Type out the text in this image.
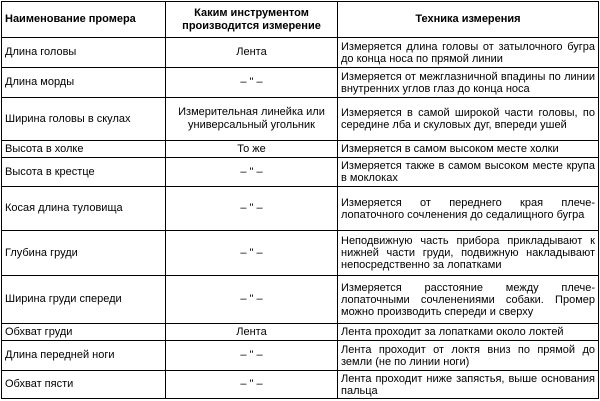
Наименование промера	Каким инструментом производится измерение	Техника измерения
Длина головы	Лента	Измеряется длина головы от затылочного бугра до конца носа по прямой линии
Длина морды	– " –	Измеряется от межглазничной впадины по линии внутренних углов глаз до конца носа
Ширина головы в скулах	Измерительная линейка или универсальный угольник	Измеряется в самой широкой части головы, по середине лба и скуловых дуг, впереди ушей
Высота в холке	То же	Измеряется в самом высоком месте холки
Высота в крестце	– " –	Измеряется также в самом высоком месте крупа в моклоках
Косая длина туловища	– " –	Измеряется от переднего края плече-лопаточного сочленения до седалищного бугра
Глубина груди	– " –	Неподвижную часть прибора прикладывают к нижней части груди, подвижную накладывают непосредственно за лопатками
Ширина груди спереди	– " –	Измеряется расстояние между плече-лопаточными сочленениями собаки. Промер можно производить спереди и сверху
Обхват груди	Лента	Лента проходит за лопатками около локтей
Длина передней ноги	– " –	Лента проходит от локтя вниз по прямой до земли (не по линии ноги)
Обхват пясти	– " –	Лента проходит ниже запястья, выше основания пальца
